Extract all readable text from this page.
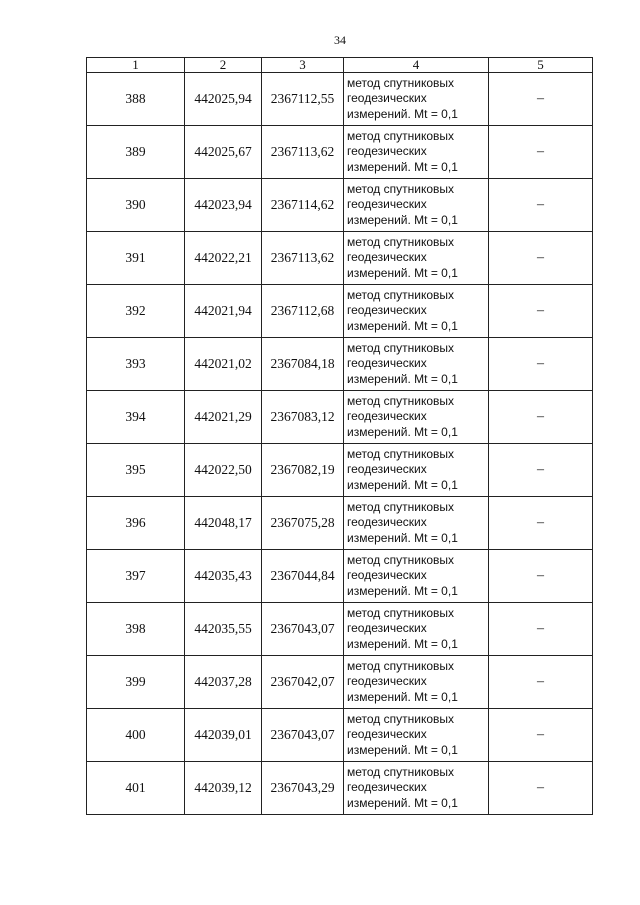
34
1	2	3	4	5
388	442025,94	2367112,55	метод спутниковых
геодезических
измерений. Mt = 0,1	–
389	442025,67	2367113,62	метод спутниковых
геодезических
измерений. Mt = 0,1	–
390	442023,94	2367114,62	метод спутниковых
геодезических
измерений. Mt = 0,1	–
391	442022,21	2367113,62	метод спутниковых
геодезических
измерений. Mt = 0,1	–
392	442021,94	2367112,68	метод спутниковых
геодезических
измерений. Mt = 0,1	–
393	442021,02	2367084,18	метод спутниковых
геодезических
измерений. Mt = 0,1	–
394	442021,29	2367083,12	метод спутниковых
геодезических
измерений. Mt = 0,1	–
395	442022,50	2367082,19	метод спутниковых
геодезических
измерений. Mt = 0,1	–
396	442048,17	2367075,28	метод спутниковых
геодезических
измерений. Mt = 0,1	–
397	442035,43	2367044,84	метод спутниковых
геодезических
измерений. Mt = 0,1	–
398	442035,55	2367043,07	метод спутниковых
геодезических
измерений. Mt = 0,1	–
399	442037,28	2367042,07	метод спутниковых
геодезических
измерений. Mt = 0,1	–
400	442039,01	2367043,07	метод спутниковых
геодезических
измерений. Mt = 0,1	–
401	442039,12	2367043,29	метод спутниковых
геодезических
измерений. Mt = 0,1	–
